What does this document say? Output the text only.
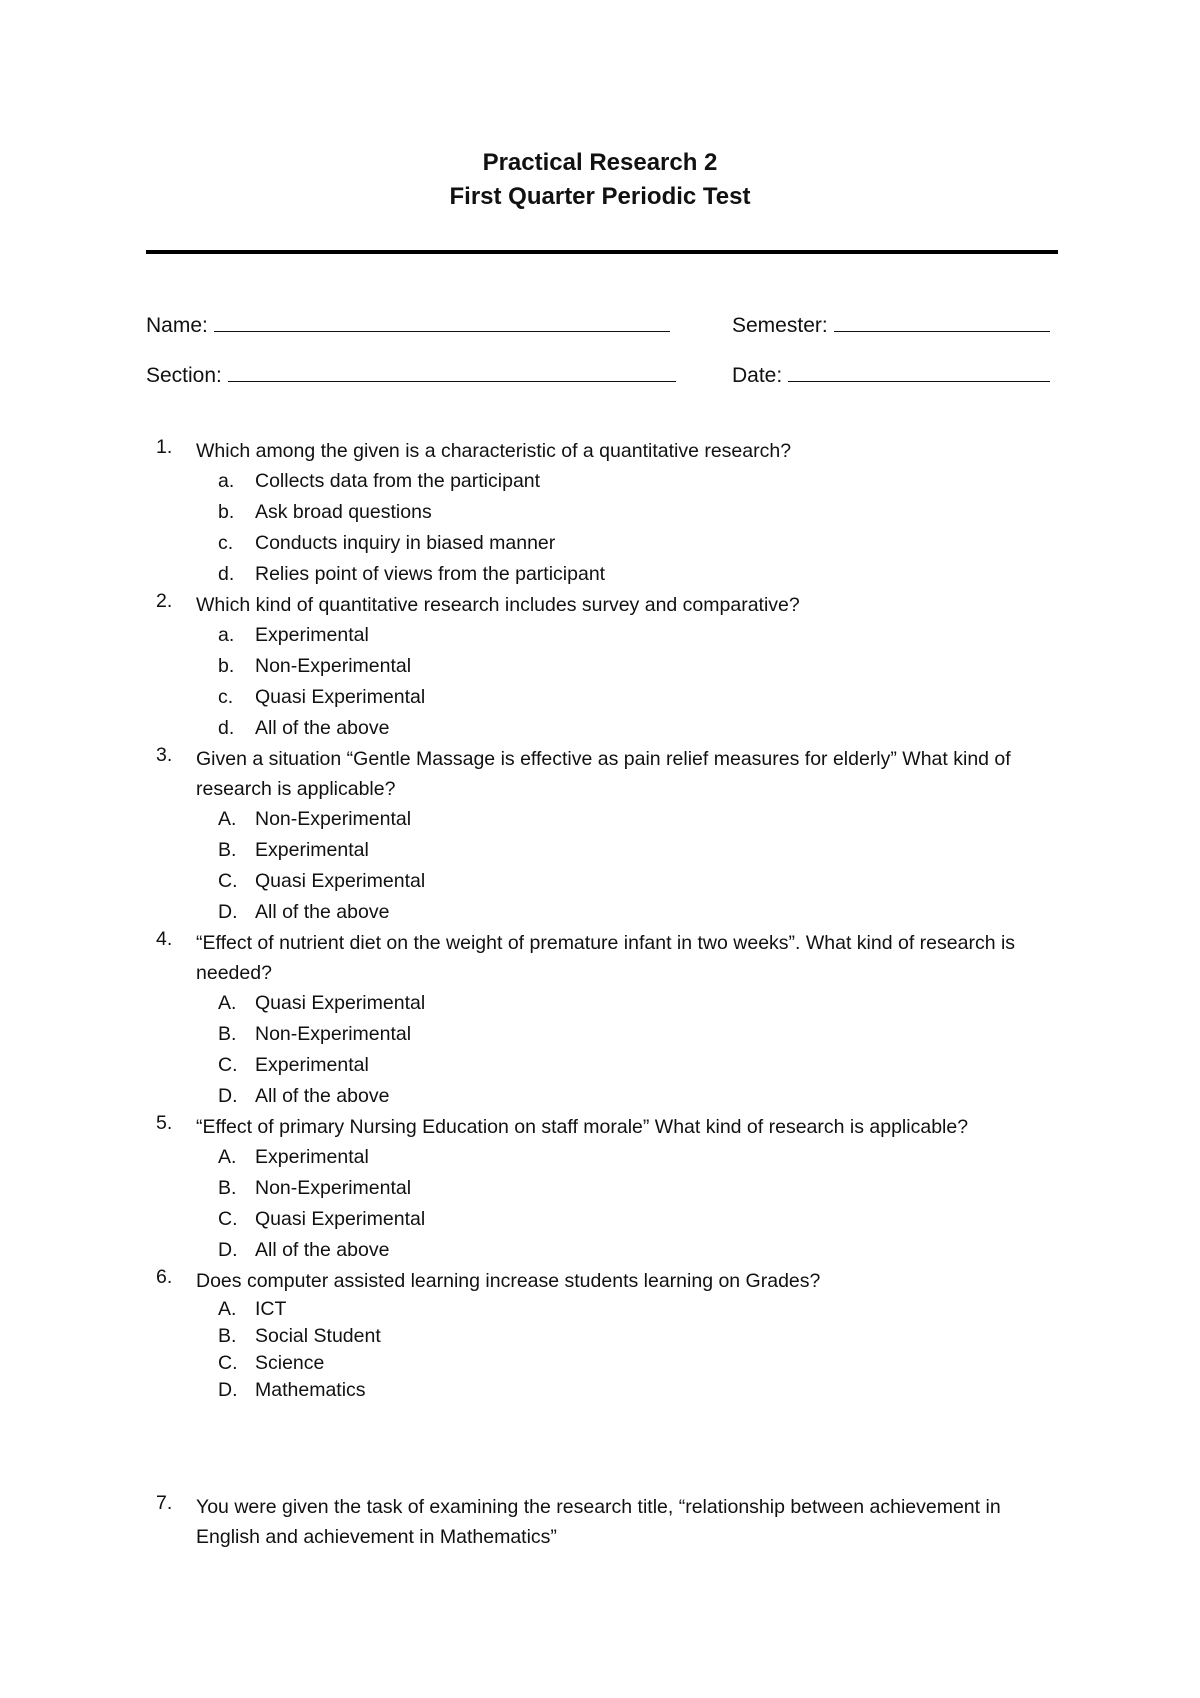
Practical Research 2

First Quarter Periodic Test

Name:	Semester:
Section:	Date:
1.	Which among the given is a characteristic of a quantitative research?
a. Collects data from the participant
b. Ask broad questions
c. Conducts inquiry in biased manner
d. Relies point of views from the participant
2.	Which kind of quantitative research includes survey and comparative?
a. Experimental
b. Non-Experimental
c. Quasi Experimental
d. All of the above
3.	Given a situation “Gentle Massage is effective as pain relief measures for elderly” What kind of research is applicable?
A. Non-Experimental
B. Experimental
C. Quasi Experimental
D. All of the above
4.	“Effect of nutrient diet on the weight of premature infant in two weeks”. What kind of research is needed?
A. Quasi Experimental
B. Non-Experimental
C. Experimental
D. All of the above
5.	“Effect of primary Nursing Education on staff morale” What kind of research is applicable?
A. Experimental
B. Non-Experimental
C. Quasi Experimental
D. All of the above
6.	Does computer assisted learning increase students learning on Grades?
A. ICT
B. Social Student
C. Science
D. Mathematics
7.	You were given the task of examining the research title, “relationship between achievement in English and achievement in Mathematics”
